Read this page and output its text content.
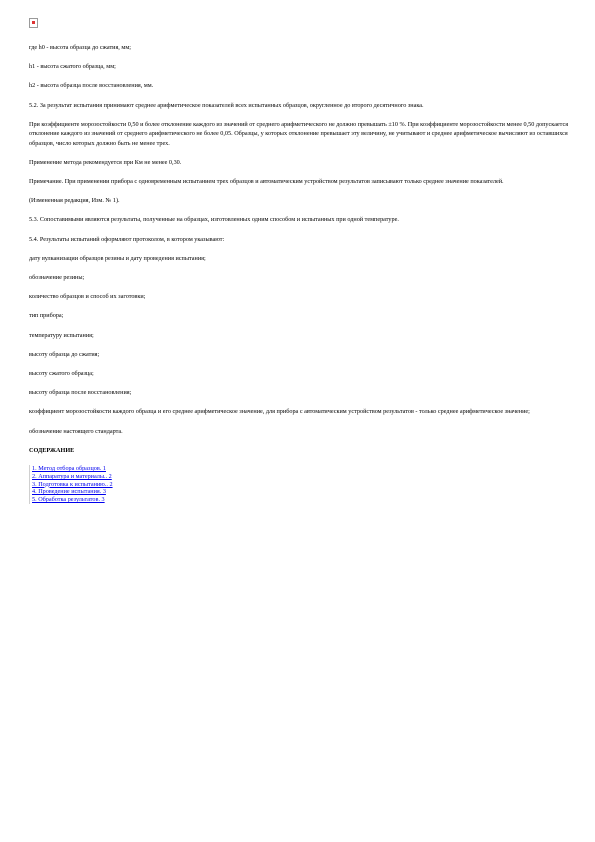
где h0 - высота образца до сжатия, мм;

h1 - высота сжатого образца, мм;

h2 - высота образца после восстановления, мм.

5.2. За результат испытания принимают среднее арифметическое показателей всех испытанных образцов, округленное до второго десятичного знака.

При коэффициенте морозостойкости 0,50 и более отклонение каждого из значений от среднего арифметического не должно превышать ±10 %. При коэффициенте морозостойкости менее 0,50 допускается отклонение каждого из значений от среднего арифметического не более 0,05. Образцы, у которых отклонение превышает эту величину, не учитывают и среднее арифметическое вычисляют из оставшихся образцов, число которых должно быть не менее трех.

Применение метода рекомендуется при Км не менее 0,30.

Примечание. При применении прибора с одновременным испытанием трех образцов и автоматическим устройством результатов записывают только среднее значение показателей.

(Измененная редакция, Изм. № 1).

5.3. Сопоставимыми являются результаты, полученные на образцах, изготовленных одним способом и испытанных при одной температуре.

5.4. Результаты испытаний оформляют протоколом, в котором указывают:

дату вулканизации образцов резины и дату проведения испытания;

обозначение резины;

количество образцов и способ их заготовки;

тип прибора;

температуру испытания;

высоту образца до сжатия;

высоту сжатого образца;

высоту образца после восстановления;

коэффициент морозостойкости каждого образца и его среднее арифметическое значение, для прибора с автоматическим устройством результатов - только среднее арифметическое значение;

обозначение настоящего стандарта.

СОДЕРЖАНИЕ

1. Метод отбора образцов. 1
2. Аппаратура и материалы.. 2
3. Подготовка к испытанию.. 2
4. Проведение испытания. 3
5. Обработка результатов. 3
